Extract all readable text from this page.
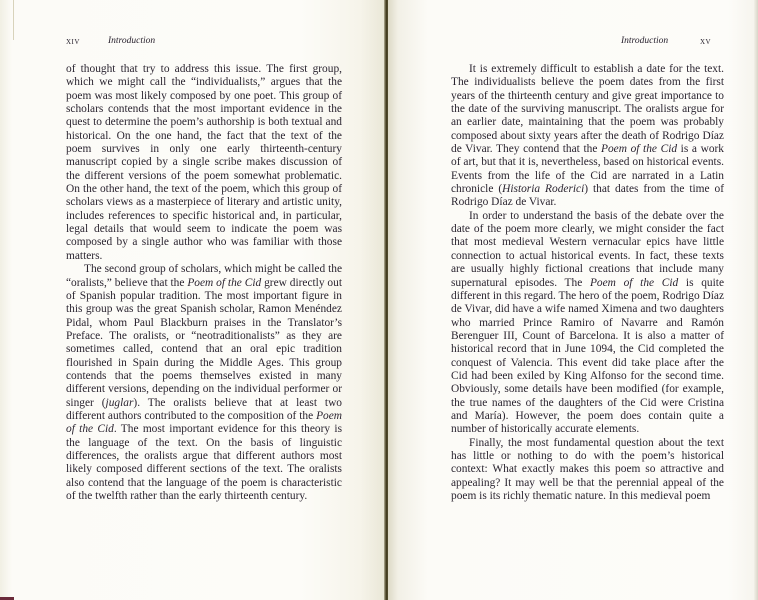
xiv	Introduction

of thought that try to address this issue. The first group, which we might call the “individualists,” argues that the poem was most likely composed by one poet. This group of scholars contends that the most important evidence in the quest to determine the poem’s authorship is both textual and historical. On the one hand, the fact that the text of the poem survives in only one early thirteenth-century manuscript copied by a single scribe makes discussion of the different versions of the poem somewhat problematic. On the other hand, the text of the poem, which this group of scholars views as a masterpiece of literary and artistic unity, includes references to specific historical and, in particular, legal details that would seem to indicate the poem was composed by a single author who was familiar with those matters.

The second group of scholars, which might be called the “oralists,” believe that the Poem of the Cid grew directly out of Spanish popular tradition. The most important figure in this group was the great Spanish scholar, Ramon Menéndez Pidal, whom Paul Blackburn praises in the Translator’s Preface. The oralists, or “neotraditionalists” as they are sometimes called, contend that an oral epic tradition flourished in Spain during the Middle Ages. This group contends that the poems themselves existed in many different versions, depending on the individual performer or singer (juglar). The oralists believe that at least two different authors contributed to the composition of the Poem of the Cid. The most important evidence for this theory is the language of the text. On the basis of linguistic differences, the oralists argue that different authors most likely composed different sections of the text. The oralists also contend that the language of the poem is characteristic of the twelfth rather than the early thirteenth century.

Introduction	xv

It is extremely difficult to establish a date for the text. The individualists believe the poem dates from the first years of the thirteenth century and give great importance to the date of the surviving manuscript. The oralists argue for an earlier date, maintaining that the poem was probably composed about sixty years after the death of Rodrigo Díaz de Vivar. They contend that the Poem of the Cid is a work of art, but that it is, nevertheless, based on historical events. Events from the life of the Cid are narrated in a Latin chronicle (Historia Roderici) that dates from the time of Rodrigo Díaz de Vivar.

In order to understand the basis of the debate over the date of the poem more clearly, we might consider the fact that most medieval Western vernacular epics have little connection to actual historical events. In fact, these texts are usually highly fictional creations that include many supernatural episodes. The Poem of the Cid is quite different in this regard. The hero of the poem, Rodrigo Díaz de Vivar, did have a wife named Ximena and two daughters who married Prince Ramiro of Navarre and Ramón Berenguer III, Count of Barcelona. It is also a matter of historical record that in June 1094, the Cid completed the conquest of Valencia. This event did take place after the Cid had been exiled by King Alfonso for the second time. Obviously, some details have been modified (for example, the true names of the daughters of the Cid were Cristina and María). However, the poem does contain quite a number of historically accurate elements.

Finally, the most fundamental question about the text has little or nothing to do with the poem’s historical context: What exactly makes this poem so attractive and appealing? It may well be that the perennial appeal of the poem is its richly thematic nature. In this medieval poem
